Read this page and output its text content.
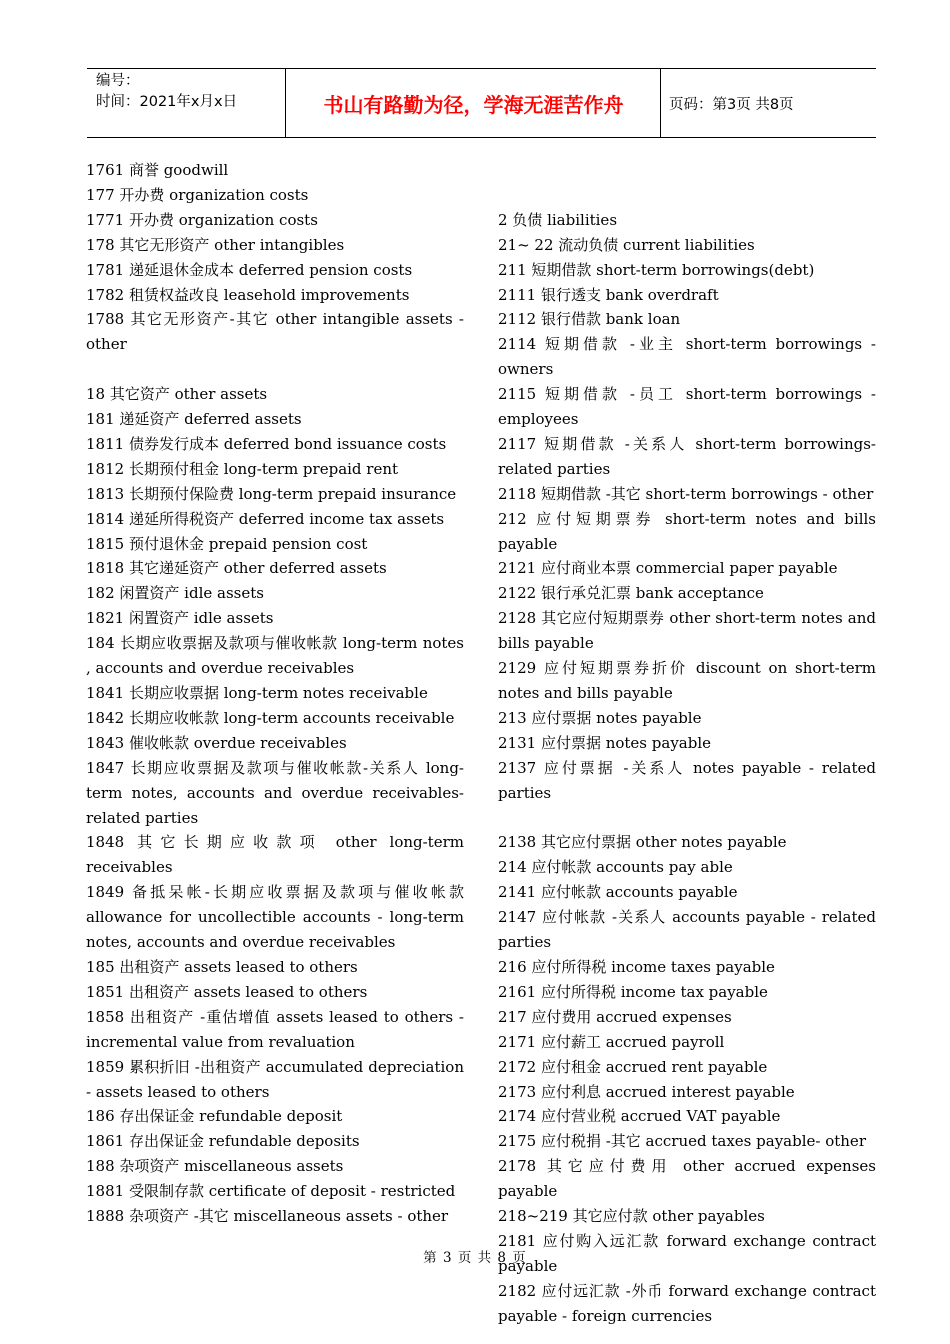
编号：
时间：2021年x月x日	书山有路勤为径，学海无涯苦作舟	页码：第3页 共8页

1761 商誉 goodwill

177 开办费 organization costs

1771 开办费 organization costs

178 其它无形资产 other intangibles

1781 递延退休金成本 deferred pension costs

1782 租赁权益改良 leasehold improvements

1788 其它无形资产-其它 other intangible assets - other

18 其它资产 other assets

181 递延资产 deferred assets

1811 债券发行成本 deferred bond issuance costs

1812 长期预付租金 long-term prepaid rent

1813 长期预付保险费 long-term prepaid insurance

1814 递延所得税资产 deferred income tax assets

1815 预付退休金 prepaid pension cost

1818 其它递延资产 other deferred assets

182 闲置资产 idle assets

1821 闲置资产 idle assets

184 长期应收票据及款项与催收帐款 long-term notes , accounts and overdue receivables

1841 长期应收票据 long-term notes receivable

1842 长期应收帐款 long-term accounts receivable

1843 催收帐款 overdue receivables

1847 长期应收票据及款项与催收帐款-关系人 long-term notes, accounts and overdue receivables- related parties

1848 其它长期应收款项 other long-term receivables

1849 备抵呆帐-长期应收票据及款项与催收帐款 allowance for uncollectible accounts - long-term notes, accounts and overdue receivables

185 出租资产 assets leased to others

1851 出租资产 assets leased to others

1858 出租资产 -重估增值 assets leased to others - incremental value from revaluation

1859 累积折旧 -出租资产 accumulated depreciation - assets leased to others

186 存出保证金 refundable deposit

1861 存出保证金 refundable deposits

188 杂项资产 miscellaneous assets

1881 受限制存款 certificate of deposit - restricted

1888 杂项资产 -其它 miscellaneous assets - other

2 负债 liabilities

21~ 22 流动负债 current liabilities

211 短期借款 short-term borrowings(debt)

2111 银行透支 bank overdraft

2112 银行借款 bank loan

2114 短期借款 -业主 short-term borrowings - owners

2115 短期借款 -员工 short-term borrowings - employees

2117 短期借款 -关系人 short-term borrowings- related parties

2118 短期借款 -其它 short-term borrowings - other

212 应付短期票券 short-term notes and bills payable

2121 应付商业本票 commercial paper payable

2122 银行承兑汇票 bank acceptance

2128 其它应付短期票券 other short-term notes and bills payable

2129 应付短期票券折价 discount on short-term notes and bills payable

213 应付票据 notes payable

2131 应付票据 notes payable

2137 应付票据 -关系人 notes payable - related parties

2138 其它应付票据 other notes payable

214 应付帐款 accounts pay able

2141 应付帐款 accounts payable

2147 应付帐款 -关系人 accounts payable - related parties

216 应付所得税 income taxes payable

2161 应付所得税 income tax payable

217 应付费用 accrued expenses

2171 应付薪工 accrued payroll

2172 应付租金 accrued rent payable

2173 应付利息 accrued interest payable

2174 应付营业税 accrued VAT payable

2175 应付税捐 -其它 accrued taxes payable- other

2178 其它应付费用 other accrued expenses payable

218~219 其它应付款 other payables

2181 应付购入远汇款 forward exchange contract payable

2182 应付远汇款 -外币 forward exchange contract payable - foreign currencies

第 3 页 共 8 页
